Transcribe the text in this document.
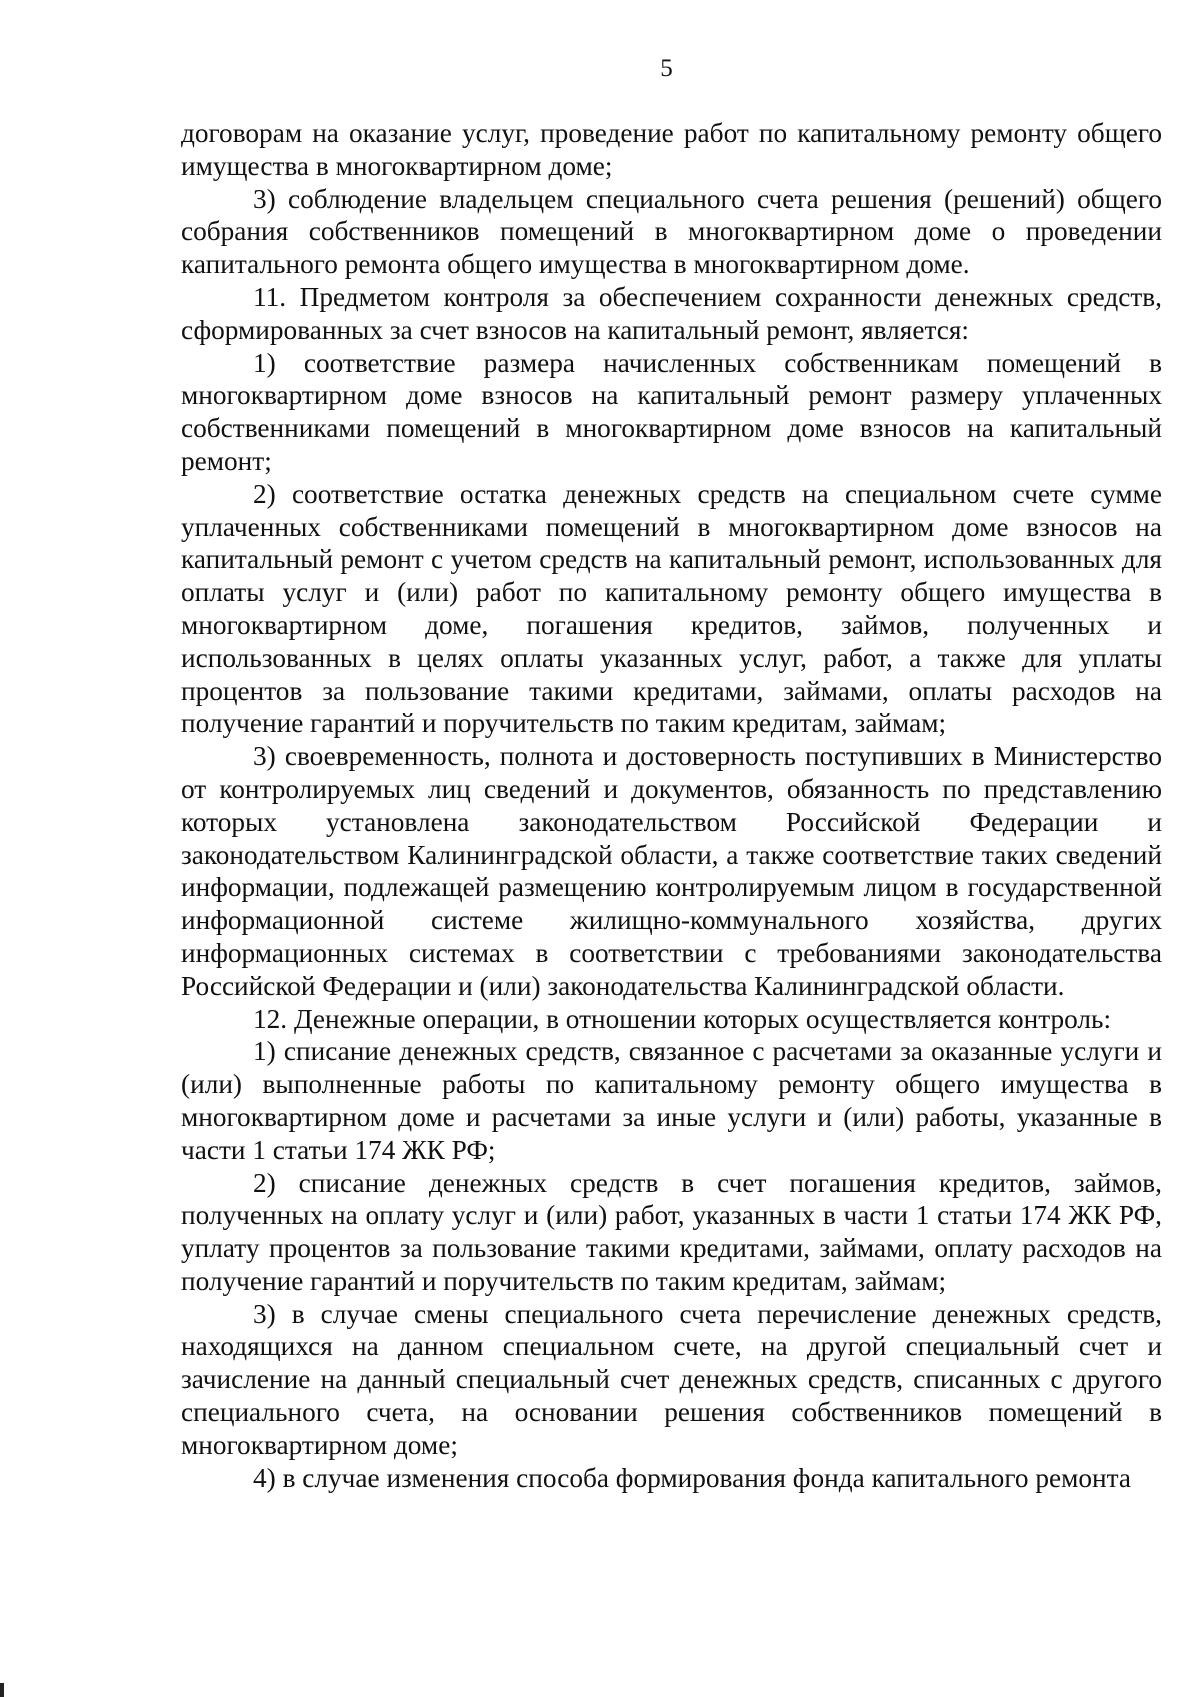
5

договорам на оказание услуг, проведение работ по капитальному ремонту общего имущества в многоквартирном доме;

3) соблюдение владельцем специального счета решения (решений) общего собрания собственников помещений в многоквартирном доме о проведении капитального ремонта общего имущества в многоквартирном доме.

11. Предметом контроля за обеспечением сохранности денежных средств, сформированных за счет взносов на капитальный ремонт, является:

1) соответствие размера начисленных собственникам помещений в многоквартирном доме взносов на капитальный ремонт размеру уплаченных собственниками помещений в многоквартирном доме взносов на капитальный ремонт;

2) соответствие остатка денежных средств на специальном счете сумме уплаченных собственниками помещений в многоквартирном доме взносов на капитальный ремонт с учетом средств на капитальный ремонт, использованных для оплаты услуг и (или) работ по капитальному ремонту общего имущества в многоквартирном доме, погашения кредитов, займов, полученных и использованных в целях оплаты указанных услуг, работ, а также для уплаты процентов за пользование такими кредитами, займами, оплаты расходов на получение гарантий и поручительств по таким кредитам, займам;

3) своевременность, полнота и достоверность поступивших в Министерство от контролируемых лиц сведений и документов, обязанность по представлению которых установлена законодательством Российской Федерации и законодательством Калининградской области, а также соответствие таких сведений информации, подлежащей размещению контролируемым лицом в государственной информационной системе жилищно-коммунального хозяйства, других информационных системах в соответствии с требованиями законодательства Российской Федерации и (или) законодательства Калининградской области.

12. Денежные операции, в отношении которых осуществляется контроль:

1) списание денежных средств, связанное с расчетами за оказанные услуги и (или) выполненные работы по капитальному ремонту общего имущества в многоквартирном доме и расчетами за иные услуги и (или) работы, указанные в части 1 статьи 174 ЖК РФ;

2) списание денежных средств в счет погашения кредитов, займов, полученных на оплату услуг и (или) работ, указанных в части 1 статьи 174 ЖК РФ, уплату процентов за пользование такими кредитами, займами, оплату расходов на получение гарантий и поручительств по таким кредитам, займам;

3) в случае смены специального счета перечисление денежных средств, находящихся на данном специальном счете, на другой специальный счет и зачисление на данный специальный счет денежных средств, списанных с другого специального счета, на основании решения собственников помещений в многоквартирном доме;

4) в случае изменения способа формирования фонда капитального ремонта
